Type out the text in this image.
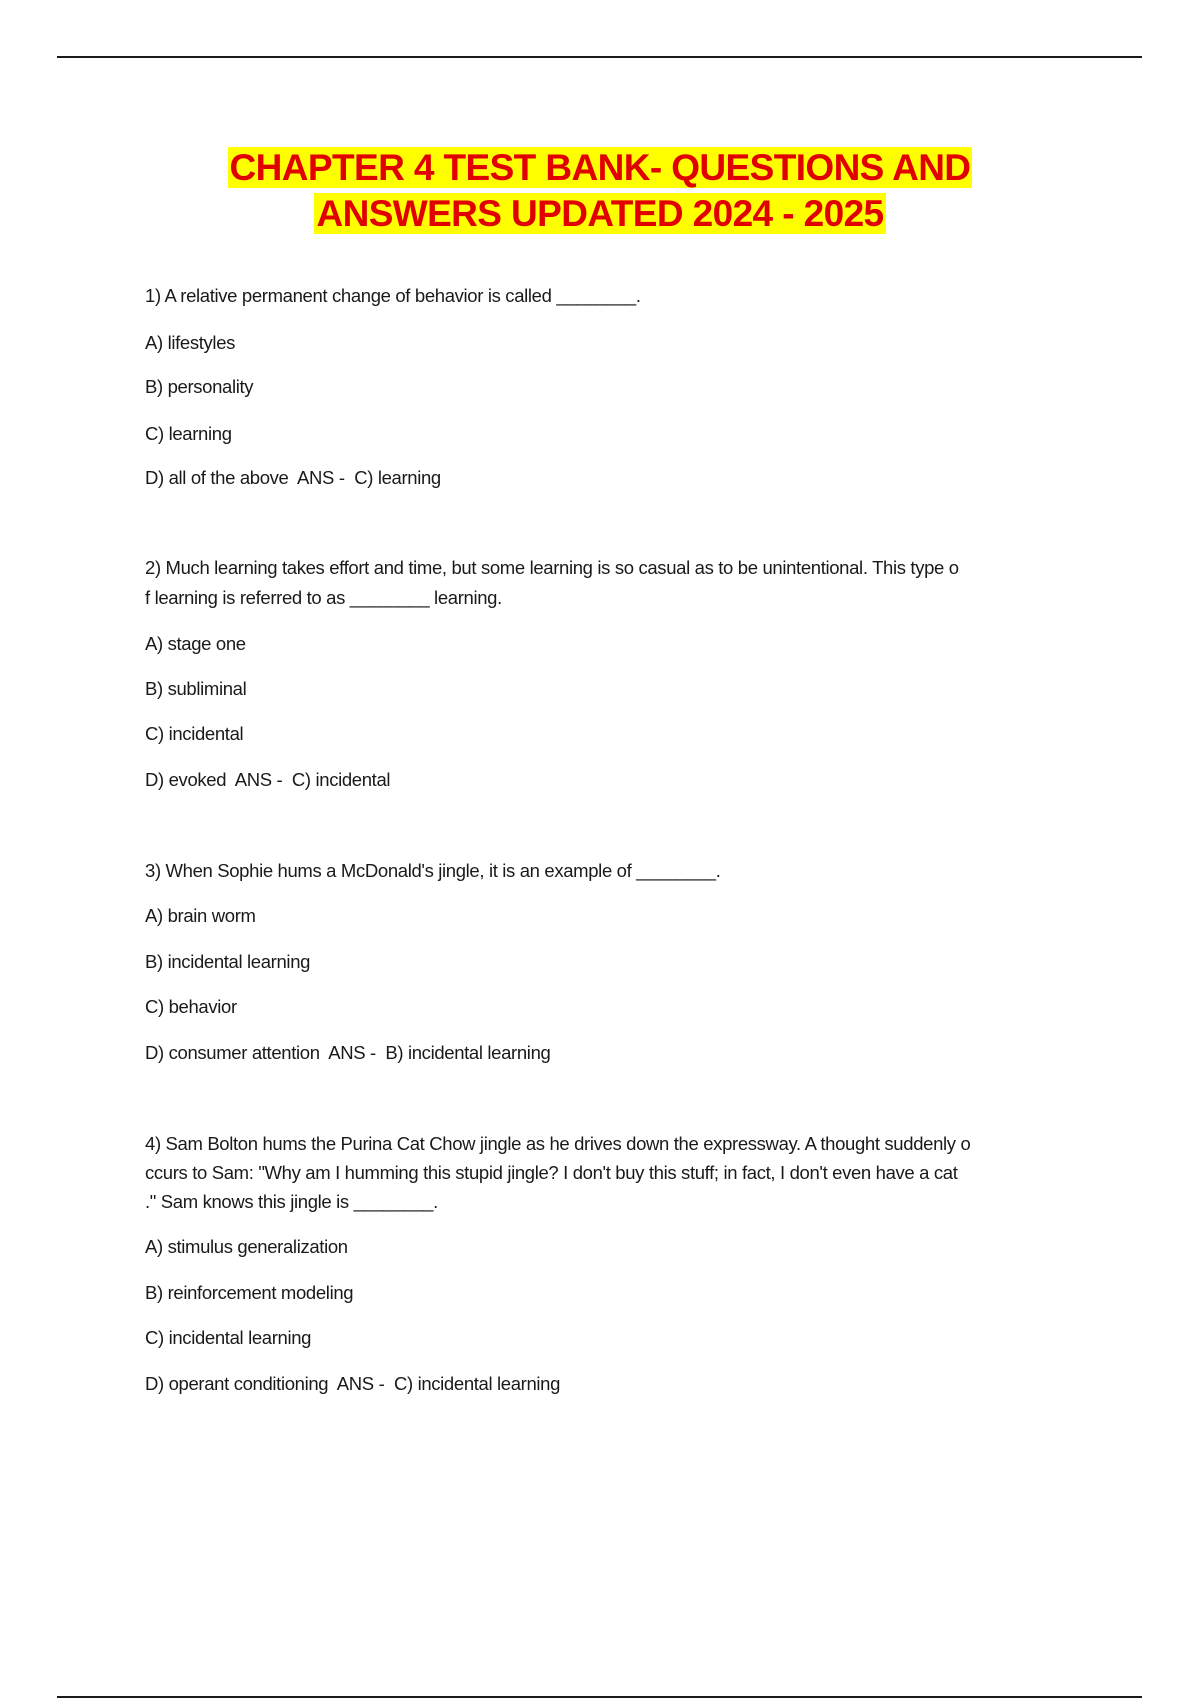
CHAPTER 4 TEST BANK- QUESTIONS AND
ANSWERS UPDATED 2024 - 2025
1) A relative permanent change of behavior is called ________.
A) lifestyles
B) personality
C) learning
D) all of the above  ANS -  C) learning
2) Much learning takes effort and time, but some learning is so casual as to be unintentional. This type o
f learning is referred to as ________ learning.
A) stage one
B) subliminal
C) incidental
D) evoked  ANS -  C) incidental
3) When Sophie hums a McDonald's jingle, it is an example of ________.
A) brain worm
B) incidental learning
C) behavior
D) consumer attention  ANS -  B) incidental learning
4) Sam Bolton hums the Purina Cat Chow jingle as he drives down the expressway. A thought suddenly o
ccurs to Sam: "Why am I humming this stupid jingle? I don't buy this stuff; in fact, I don't even have a cat
." Sam knows this jingle is ________.
A) stimulus generalization
B) reinforcement modeling
C) incidental learning
D) operant conditioning  ANS -  C) incidental learning
